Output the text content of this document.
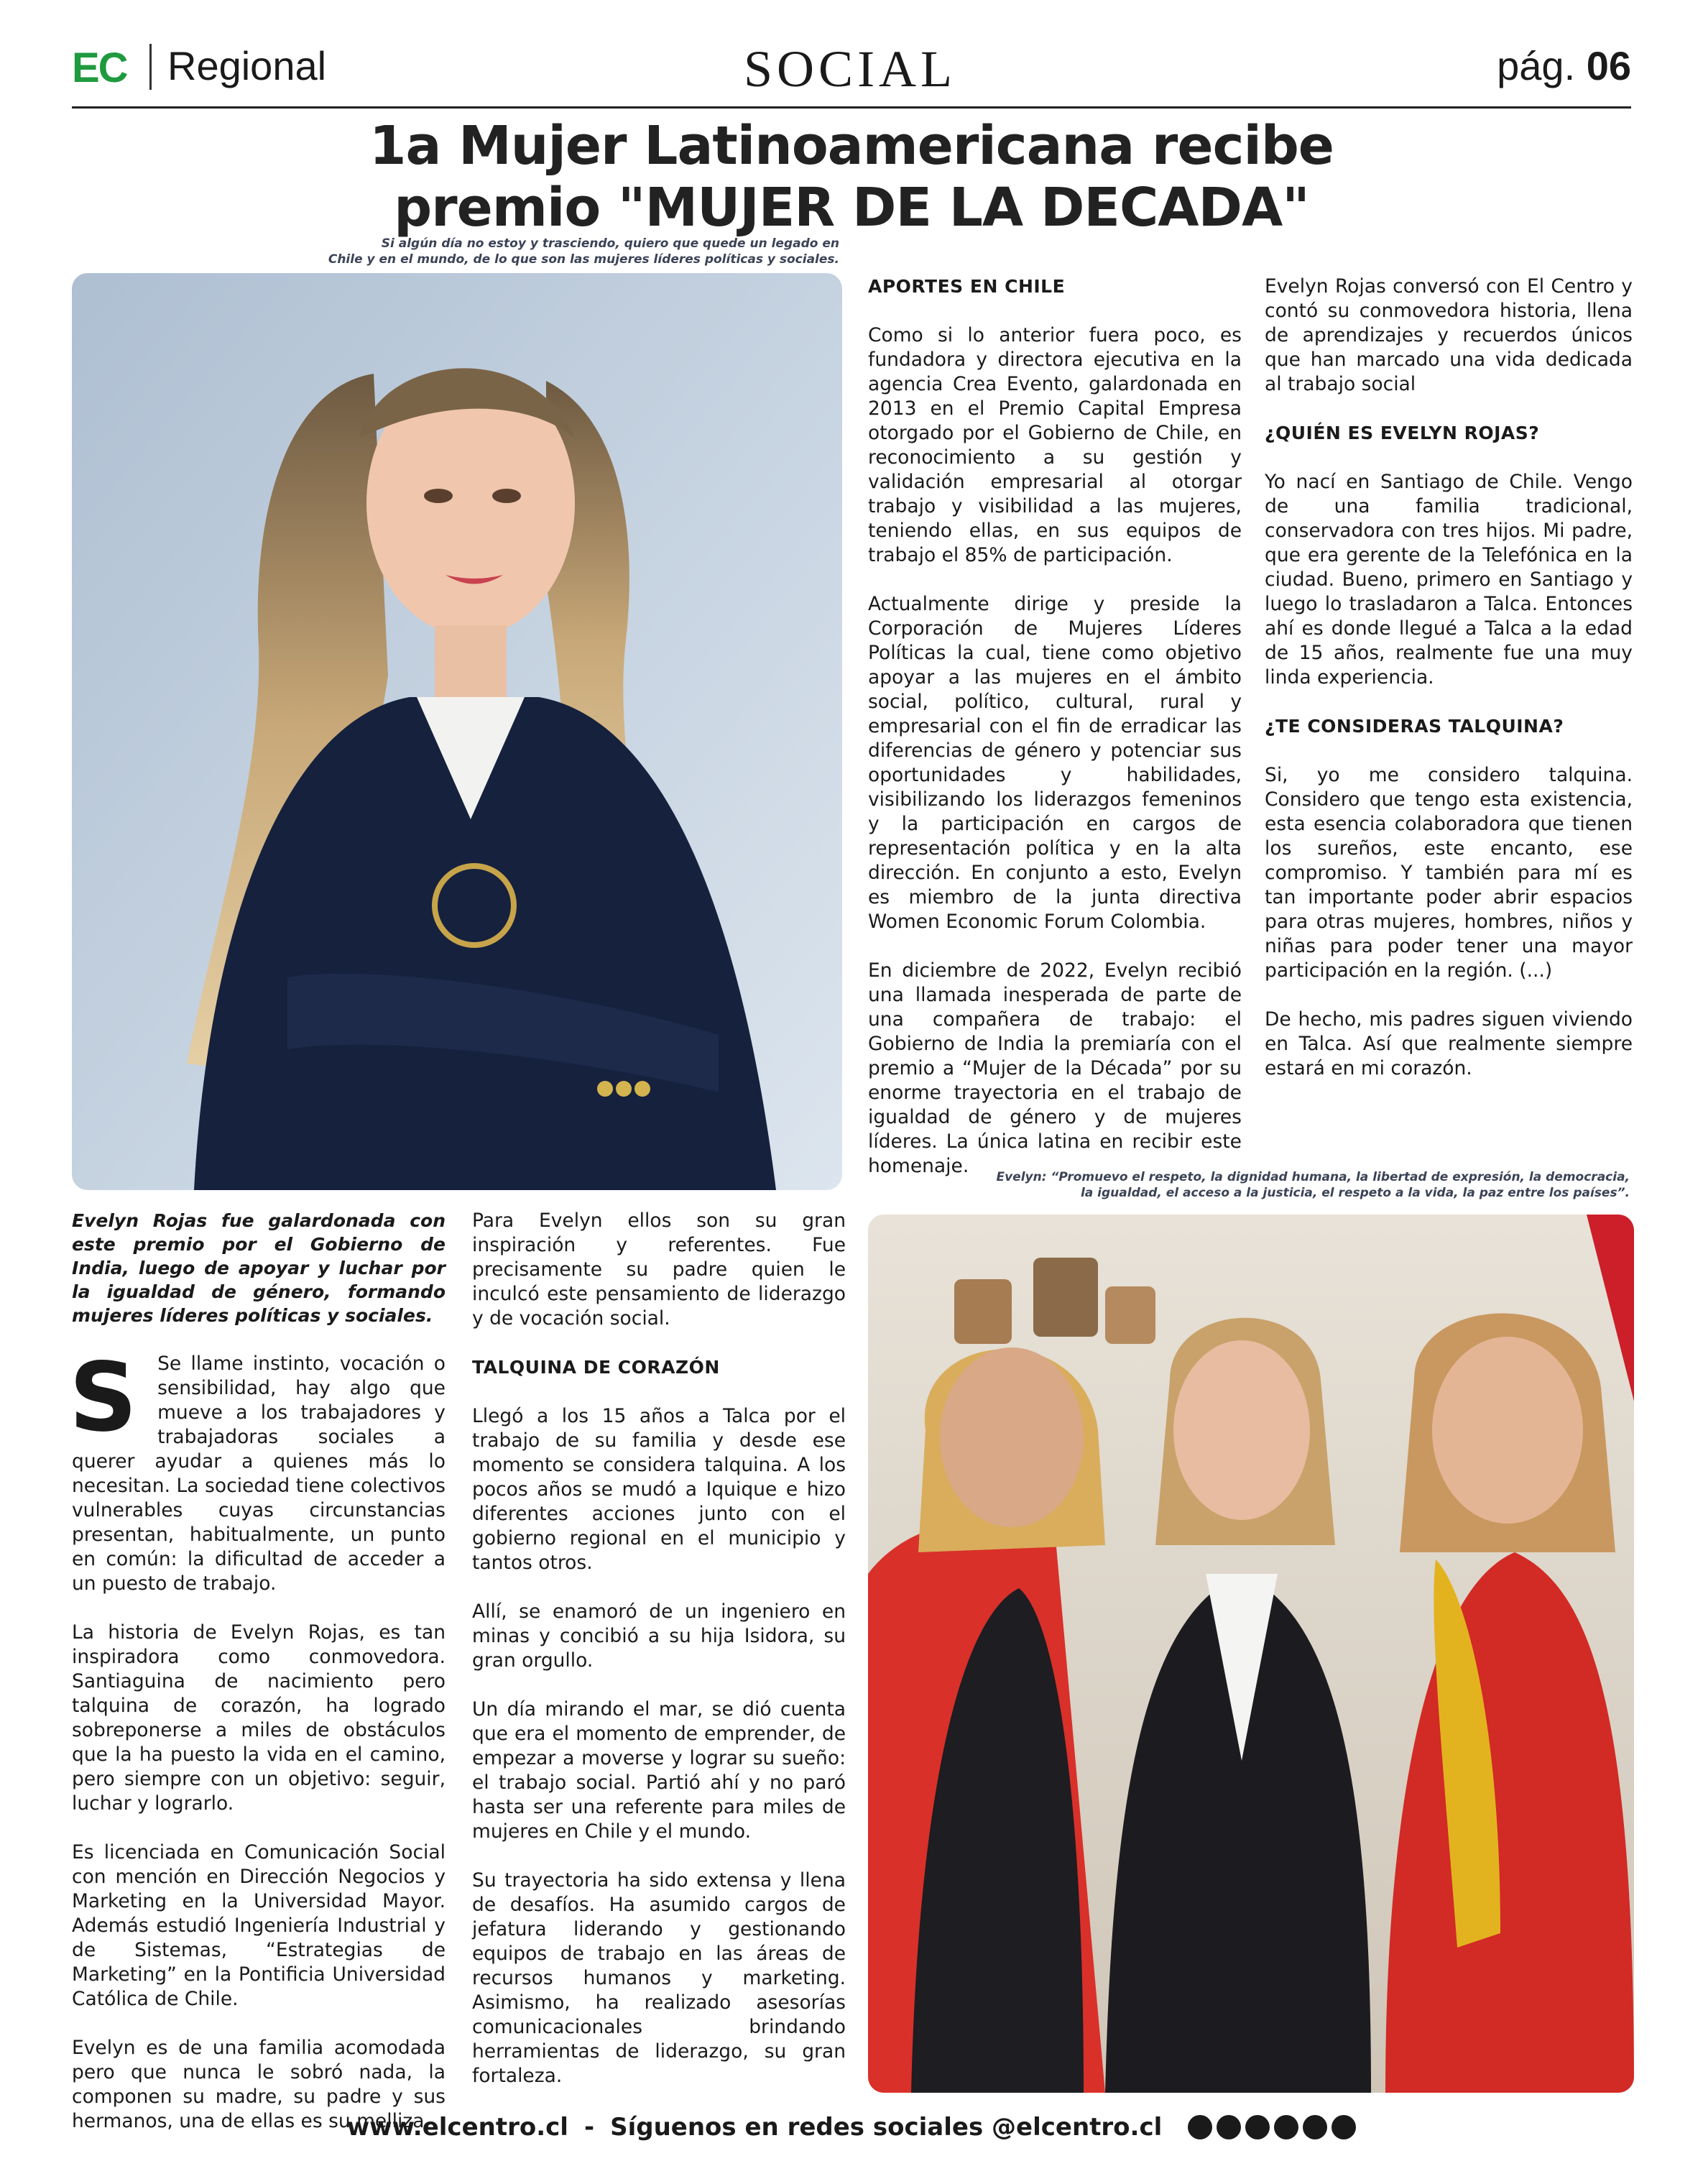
EC Regional	SOCIAL	pág. 06
1a Mujer Latinoamericana recibe
premio "MUJER DE LA DECADA"
Si algún día no estoy y trasciendo, quiero que quede un legado en
Chile y en el mundo, de lo que son las mujeres líderes políticas y sociales.

Evelyn Rojas fue galardonada con este premio por el Gobierno de India, luego de apoyar y luchar por la igualdad de género, formando mujeres líderes políticas y sociales.

S Se llame instinto, vocación o sensibilidad, hay algo que mueve a los trabajadores y trabajadoras sociales a querer ayudar a quienes más lo necesitan. La sociedad tiene colectivos vulnerables cuyas circunstancias presentan, habitualmente, un punto en común: la dificultad de acceder a un puesto de trabajo.

La historia de Evelyn Rojas, es tan inspiradora como conmovedora. Santiaguina de nacimiento pero talquina de corazón, ha logrado sobreponerse a miles de obstáculos que la ha puesto la vida en el camino, pero siempre con un objetivo: seguir, luchar y lograrlo.

Es licenciada en Comunicación Social con mención en Dirección Negocios y Marketing en la Universidad Mayor. Además estudió Ingeniería Industrial y de Sistemas, “Estrategias de Marketing” en la Pontificia Universidad Católica de Chile.

Evelyn es de una familia acomodada pero que nunca le sobró nada, la componen su madre, su padre y sus hermanos, una de ellas es su melliza.

Para Evelyn ellos son su gran inspiración y referentes. Fue precisamente su padre quien le inculcó este pensamiento de liderazgo y de vocación social.

TALQUINA DE CORAZÓN

Llegó a los 15 años a Talca por el trabajo de su familia y desde ese momento se considera talquina. A los pocos años se mudó a Iquique e hizo diferentes acciones junto con el gobierno regional en el municipio y tantos otros.

Allí, se enamoró de un ingeniero en minas y concibió a su hija Isidora, su gran orgullo.

Un día mirando el mar, se dió cuenta que era el momento de emprender, de empezar a moverse y lograr su sueño: el trabajo social. Partió ahí y no paró hasta ser una referente para miles de mujeres en Chile y el mundo.

Su trayectoria ha sido extensa y llena de desafíos. Ha asumido cargos de jefatura liderando y gestionando equipos de trabajo en las áreas de recursos humanos y marketing. Asimismo, ha realizado asesorías comunicacionales brindando herramientas de liderazgo, su gran fortaleza.

APORTES EN CHILE

Como si lo anterior fuera poco, es fundadora y directora ejecutiva en la agencia Crea Evento, galardonada en 2013 en el Premio Capital Empresa otorgado por el Gobierno de Chile, en reconocimiento a su gestión y validación empresarial al otorgar trabajo y visibilidad a las mujeres, teniendo ellas, en sus equipos de trabajo el 85% de participación.

Actualmente dirige y preside la Corporación de Mujeres Líderes Políticas la cual, tiene como objetivo apoyar a las mujeres en el ámbito social, político, cultural, rural y empresarial con el fin de erradicar las diferencias de género y potenciar sus oportunidades y habilidades, visibilizando los liderazgos femeninos y la participación en cargos de representación política y en la alta dirección. En conjunto a esto, Evelyn es miembro de la junta directiva Women Economic Forum Colombia.

En diciembre de 2022, Evelyn recibió una llamada inesperada de parte de una compañera de trabajo: el Gobierno de India la premiaría con el premio a “Mujer de la Década” por su enorme trayectoria en el trabajo de igualdad de género y de mujeres líderes. La única latina en recibir este homenaje.

Evelyn Rojas conversó con El Centro y contó su conmovedora historia, llena de aprendizajes y recuerdos únicos que han marcado una vida dedicada al trabajo social

¿QUIÉN ES EVELYN ROJAS?

Yo nací en Santiago de Chile. Vengo de una familia tradicional, conservadora con tres hijos. Mi padre, que era gerente de la Telefónica en la ciudad. Bueno, primero en Santiago y luego lo trasladaron a Talca. Entonces ahí es donde llegué a Talca a la edad de 15 años, realmente fue una muy linda experiencia.

¿TE CONSIDERAS TALQUINA?

Si, yo me considero talquina. Considero que tengo esta existencia, esta esencia colaboradora que tienen los sureños, este encanto, ese compromiso. Y también para mí es tan importante poder abrir espacios para otras mujeres, hombres, niños y niñas para poder tener una mayor participación en la región. (...)

De hecho, mis padres siguen viviendo en Talca. Así que realmente siempre estará en mi corazón.

Evelyn: “Promuevo el respeto, la dignidad humana, la libertad de expresión, la democracia,
la igualdad, el acceso a la justicia, el respeto a la vida, la paz entre los países”.
www.elcentro.cl - Síguenos en redes sociales @elcentro.cl
